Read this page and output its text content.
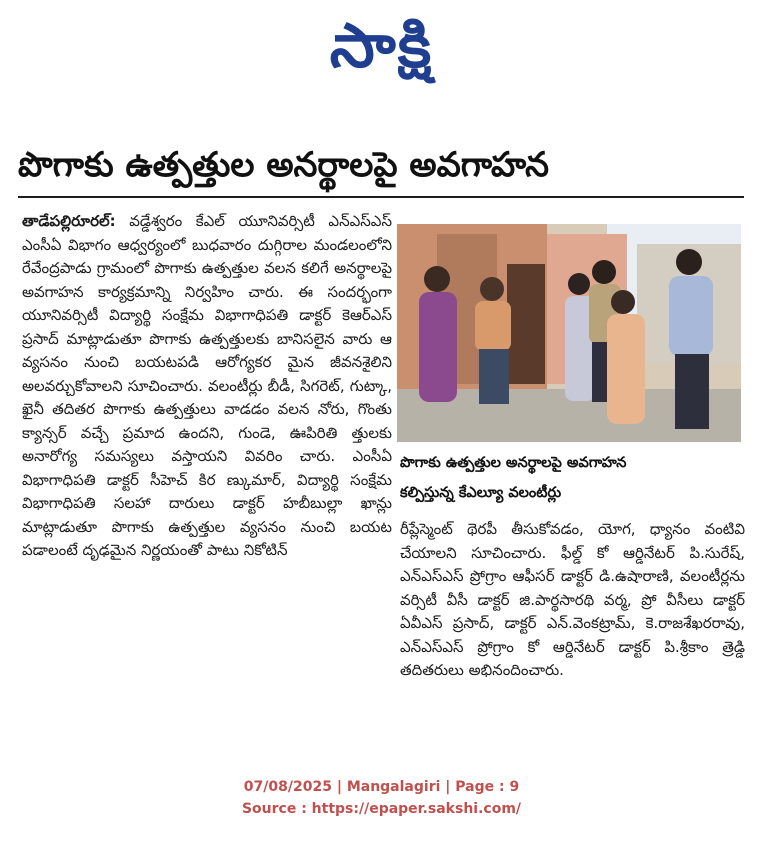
సాక్షి
పొగాకు ఉత్పత్తుల అనర్థాలపై అవగాహన
తాడేపల్లిరూరల్: వడ్డేశ్వరం కేఎల్ యూనివర్సిటీ ఎన్ఎస్ఎస్ ఎంసీఏ విభాగం ఆధ్వర్యంలో బుధవారం దుగ్గిరాల మండలంలోని రేవేంద్రపాడు గ్రామంలో పొగాకు ఉత్పత్తుల వలన కలిగే అనర్థాలపై అవగాహన కార్యక్రమాన్ని నిర్వహిం చారు. ఈ సందర్భంగా యూనివర్సిటీ విద్యార్థి సంక్షేమ విభాగాధిపతి డాక్టర్ కెఆర్ఎస్ ప్రసాద్ మాట్లాడుతూ పొగాకు ఉత్పత్తులకు బానిసలైన వారు ఆ వ్యసనం నుంచి బయటపడి ఆరోగ్యకర మైన జీవనశైలిని అలవర్చుకోవాలని సూచించారు. వలంటీర్లు బీడీ, సిగరెట్, గుట్కా, ఖైనీ తదితర పొగాకు ఉత్పత్తులు వాడడం వలన నోరు, గొంతు క్యాన్సర్ వచ్చే ప్రమాద ఉందని, గుండె, ఊపిరితి త్తులకు అనారోగ్య సమస్యలు వస్తాయని వివరిం చారు. ఎంసీఏ విభాగాధిపతి డాక్టర్ సీహెచ్ కిర ణ్కుమార్, విద్యార్థి సంక్షేమ విభాగాధిపతి సలహా దారులు డాక్టర్ హబీబుల్లా ఖాన్లు మాట్లాడుతూ పొగాకు ఉత్పత్తుల వ్యసనం నుంచి బయట పడాలంటే దృఢమైన నిర్ణయంతో పాటు నికోటిన్
పొగాకు ఉత్పత్తుల అనర్థాలపై అవగాహన
కల్పిస్తున్న కేఎల్యూ వలంటీర్లు
రీప్లేస్మెంట్ థెరపీ తీసుకోవడం, యోగ, ధ్యానం వంటివి చేయాలని సూచించారు. ఫీల్డ్ కో ఆర్డినేటర్ పి.సురేష్, ఎన్ఎస్ఎస్ ప్రోగ్రాం ఆఫీసర్ డాక్టర్ డి.ఉషారాణి, వలంటీర్లను వర్సిటీ వీసీ డాక్టర్ జి.పార్థసారథి వర్మ, ప్రో వీసీలు డాక్టర్ ఏవీఎస్ ప్రసాద్, డాక్టర్ ఎన్.వెంకట్రామ్, కె.రాజశేఖరరావు, ఎన్ఎస్ఎస్ ప్రోగ్రాం కో ఆర్డినేటర్ డాక్టర్ పి.శ్రీకాం త్రెడ్డి తదితరులు అభినందించారు.
07/08/2025 | Mangalagiri | Page : 9
Source : https://epaper.sakshi.com/
